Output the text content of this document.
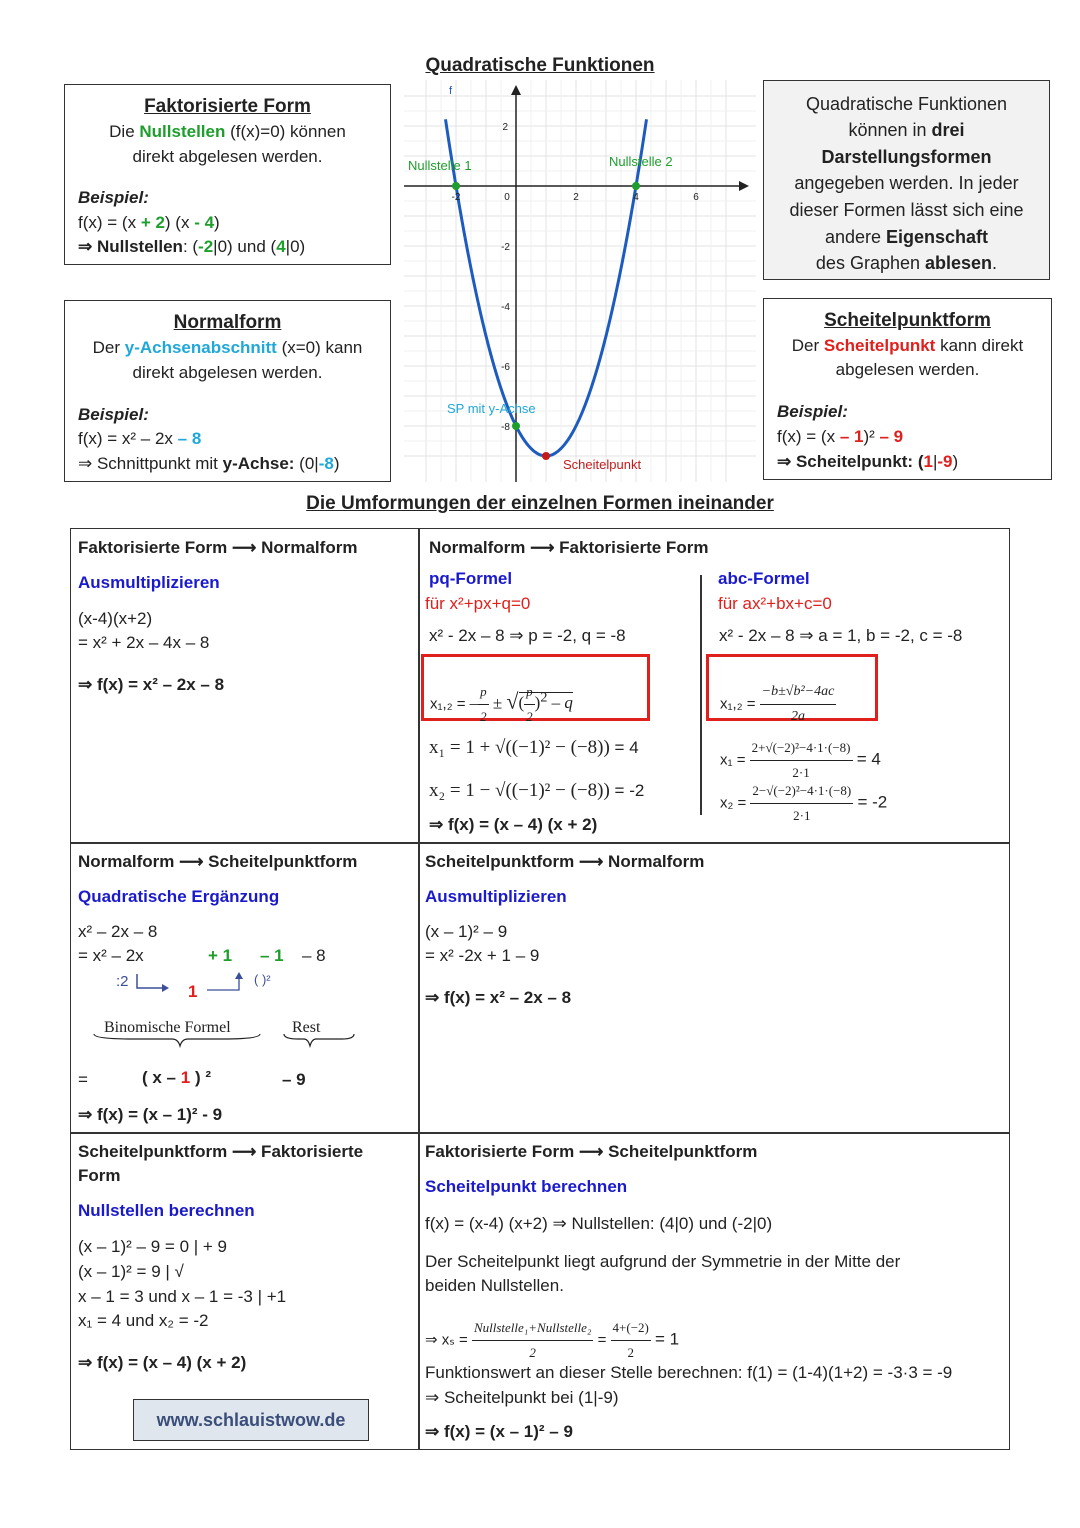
Quadratische Funktionen
Faktorisierte Form
Die Nullstellen (f(x)=0) können
direkt abgelesen werden.
Beispiel:
f(x) = (x + 2) (x - 4)
⇒ Nullstellen: (-2|0) und (4|0)
Normalform
Der y-Achsenabschnitt (x=0) kann
direkt abgelesen werden.
Beispiel:
f(x) = x² – 2x – 8
⇒ Schnittpunkt mit y-Achse: (0|-8)
Quadratische Funktionen
können in drei
Darstellungsformen
angegeben werden. In jeder
dieser Formen lässt sich eine
andere Eigenschaft
des Graphen ablesen.
Scheitelpunktform
Der Scheitelpunkt kann direkt
abgelesen werden.
Beispiel:
f(x) = (x – 1)² – 9
⇒ Scheitelpunkt: (1|-9)
-2	0	2	4	6
2
-2
-4
-6
-8
f
Nullstelle 1	Nullstelle 2
SP mit y-Achse
Scheitelpunkt
Die Umformungen der einzelnen Formen ineinander
Faktorisierte Form ⟶ Normalform
Ausmultiplizieren
(x-4)(x+2)
= x² + 2x – 4x – 8
⇒ f(x) = x² – 2x – 8
Normalform ⟶ Faktorisierte Form
pq-Formel
für x²+px+q=0
x² - 2x – 8 ⇒ p = -2, q = -8
x₁,₂ = – $\frac{p}{2}$ ± √( $\frac{p}{2} )^2$ – q
abc-Formel
für ax²+bx+c=0
x² - 2x – 8 ⇒ a = 1, b = -2, c = -8
$x_1,_2 = \frac{\text{−b±√b²−4ac}}{2a}$
x₁ = 1 + √((−1)² − (−8)) = 4
x₂ = 1 − √((−1)² − (−8)) = -2
⇒ f(x) = (x – 4) (x + 2)
$x_1 = \frac{\text{2+√(−2)²−4·1·(−8)}}{2\cdot 1} = 4$
$x_2 = \frac{\text{2−√(−2)²−4·1·(−8)}}{2\cdot 1} = -2$
Normalform ⟶ Scheitelpunktform
Quadratische Ergänzung
x² – 2x – 8
= x² – 2x	+ 1 – 1 – 8
:2
1
( )²
Binomische Formel	Rest
=	( x – 1 ) ²	– 9
⇒ f(x) = (x – 1)² - 9
Scheitelpunktform ⟶ Normalform
Ausmultiplizieren
(x – 1)² – 9
= x² -2x + 1 – 9
⇒ f(x) = x² – 2x – 8
Scheitelpunktform ⟶ Faktorisierte
Form
Nullstellen berechnen
(x – 1)² – 9 = 0 | + 9
(x – 1)² = 9 | √
x – 1 = 3 und x – 1 = -3 | +1
x₁ = 4 und x₂ = -2
⇒ f(x) = (x – 4) (x + 2)
www.schlauistwow.de
Faktorisierte Form ⟶ Scheitelpunktform
Scheitelpunkt berechnen
f(x) = (x-4) (x+2) ⇒ Nullstellen: (4|0) und (-2|0)
Der Scheitelpunkt liegt aufgrund der Symmetrie in der Mitte der
beiden Nullstellen.
⇒ $x_s = \frac{\text{Nullstelle₁+Nullstelle₂}}{2} = \frac{4+(-2)}{2} = 1$
Funktionswert an dieser Stelle berechnen: f(1) = (1-4)(1+2) = -3·3 = -9
⇒ Scheitelpunkt bei (1|-9)
⇒ f(x) = (x – 1)² – 9
